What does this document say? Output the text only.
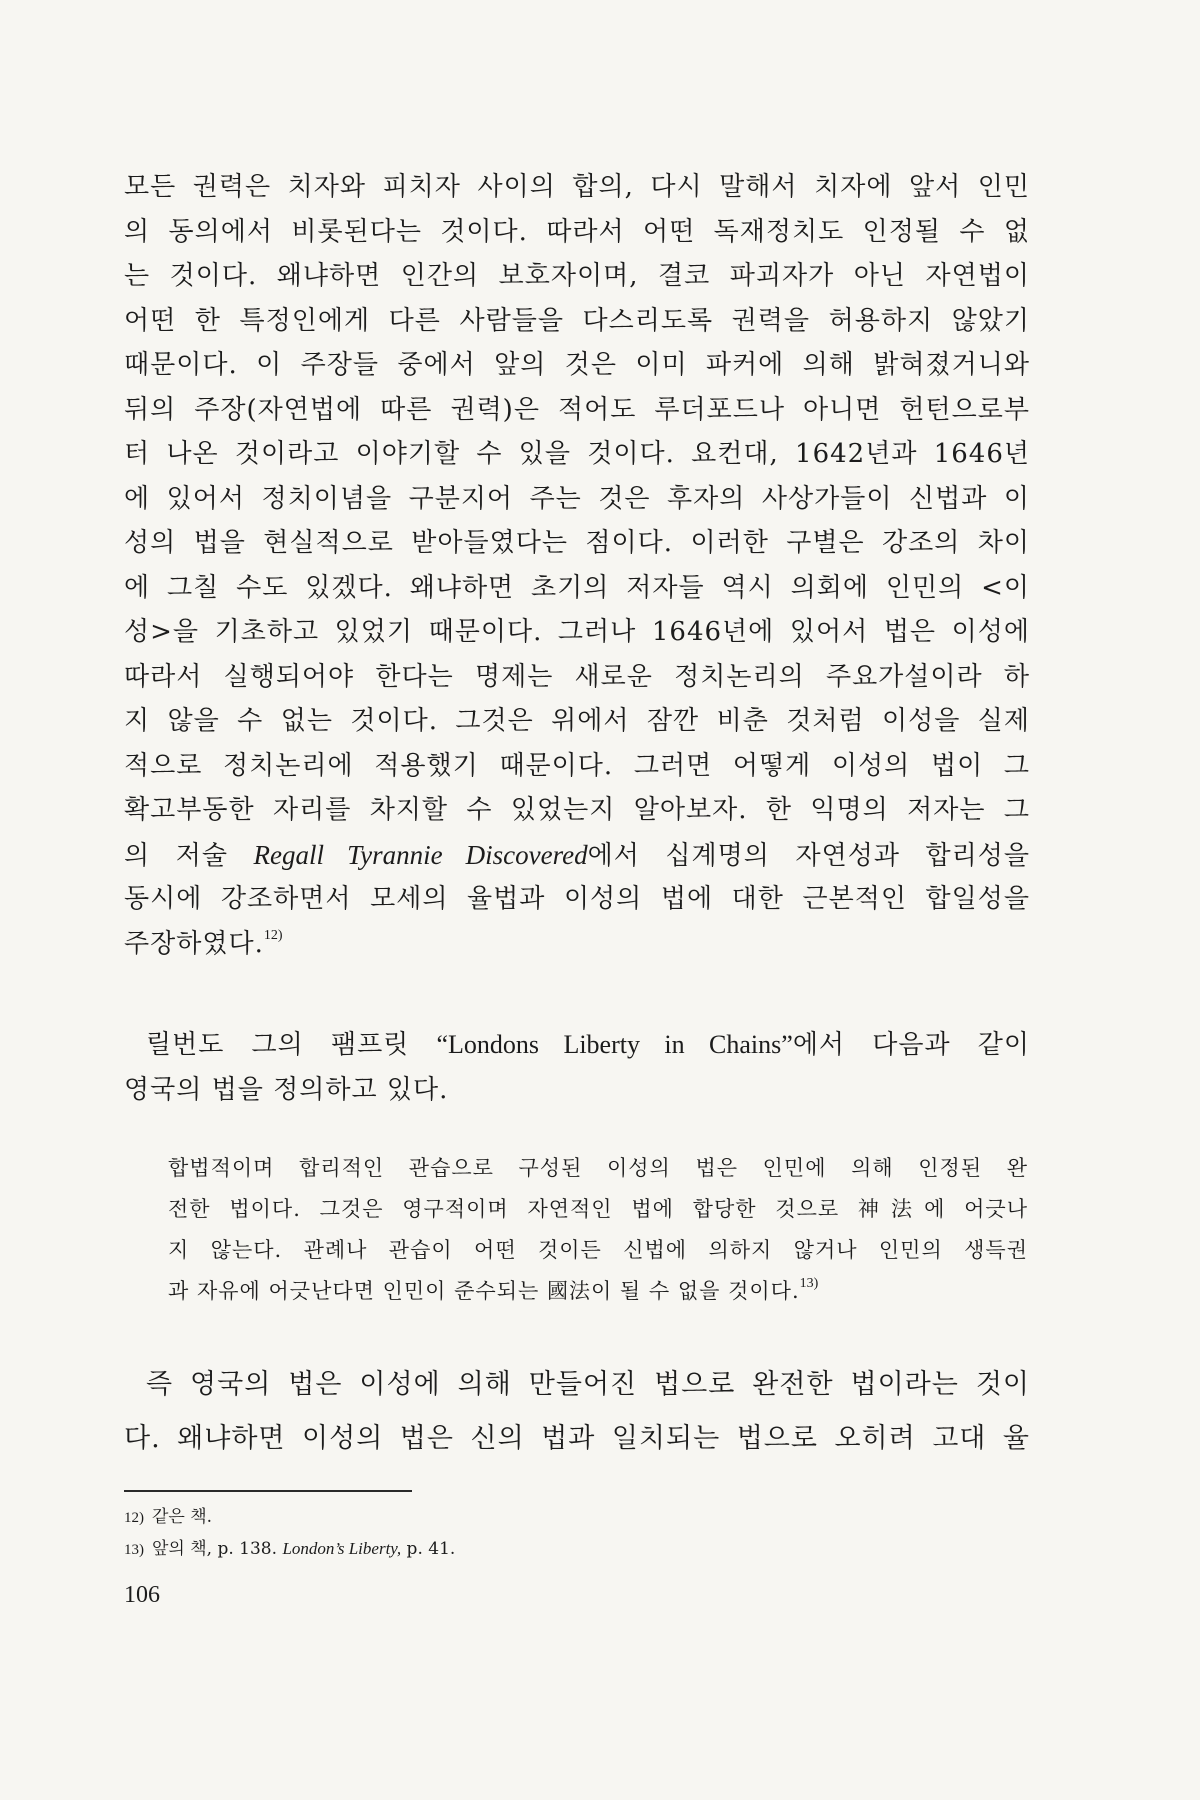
모든 권력은 치자와 피치자 사이의 합의, 다시 말해서 치자에 앞서 인민
의 동의에서 비롯된다는 것이다. 따라서 어떤 독재정치도 인정될 수 없
는 것이다. 왜냐하면 인간의 보호자이며, 결코 파괴자가 아닌 자연법이
어떤 한 특정인에게 다른 사람들을 다스리도록 권력을 허용하지 않았기
때문이다. 이 주장들 중에서 앞의 것은 이미 파커에 의해 밝혀졌거니와
뒤의 주장(자연법에 따른 권력)은 적어도 루더포드나 아니면 헌턴으로부
터 나온 것이라고 이야기할 수 있을 것이다. 요컨대, 1642년과 1646년
에 있어서 정치이념을 구분지어 주는 것은 후자의 사상가들이 신법과 이
성의 법을 현실적으로 받아들였다는 점이다. 이러한 구별은 강조의 차이
에 그칠 수도 있겠다. 왜냐하면 초기의 저자들 역시 의회에 인민의 <이
성>을 기초하고 있었기 때문이다. 그러나 1646년에 있어서 법은 이성에
따라서 실행되어야 한다는 명제는 새로운 정치논리의 주요가설이라 하
지 않을 수 없는 것이다. 그것은 위에서 잠깐 비춘 것처럼 이성을 실제
적으로 정치논리에 적용했기 때문이다. 그러면 어떻게 이성의 법이 그
확고부동한 자리를 차지할 수 있었는지 알아보자. 한 익명의 저자는 그
의 저술 Regall Tyrannie Discovered에서 십계명의 자연성과 합리성을
동시에 강조하면서 모세의 율법과 이성의 법에 대한 근본적인 합일성을
주장하였다.$^{12)}$
릴번도 그의 팸프릿 “Londons Liberty in Chains”에서 다음과 같이
영국의 법을 정의하고 있다.
합법적이며 합리적인 관습으로 구성된 이성의 법은 인민에 의해 인정된 완
전한 법이다. 그것은 영구적이며 자연적인 법에 합당한 것으로 神法에 어긋나
지 않는다. 관례나 관습이 어떤 것이든 신법에 의하지 않거나 인민의 생득권
과 자유에 어긋난다면 인민이 준수되는 國法이 될 수 없을 것이다.$^{13)}$
즉 영국의 법은 이성에 의해 만들어진 법으로 완전한 법이라는 것이
다. 왜냐하면 이성의 법은 신의 법과 일치되는 법으로 오히려 고대 율
12) 같은 책.
13) 앞의 책, p. 138. London’s Liberty, p. 41.
106
